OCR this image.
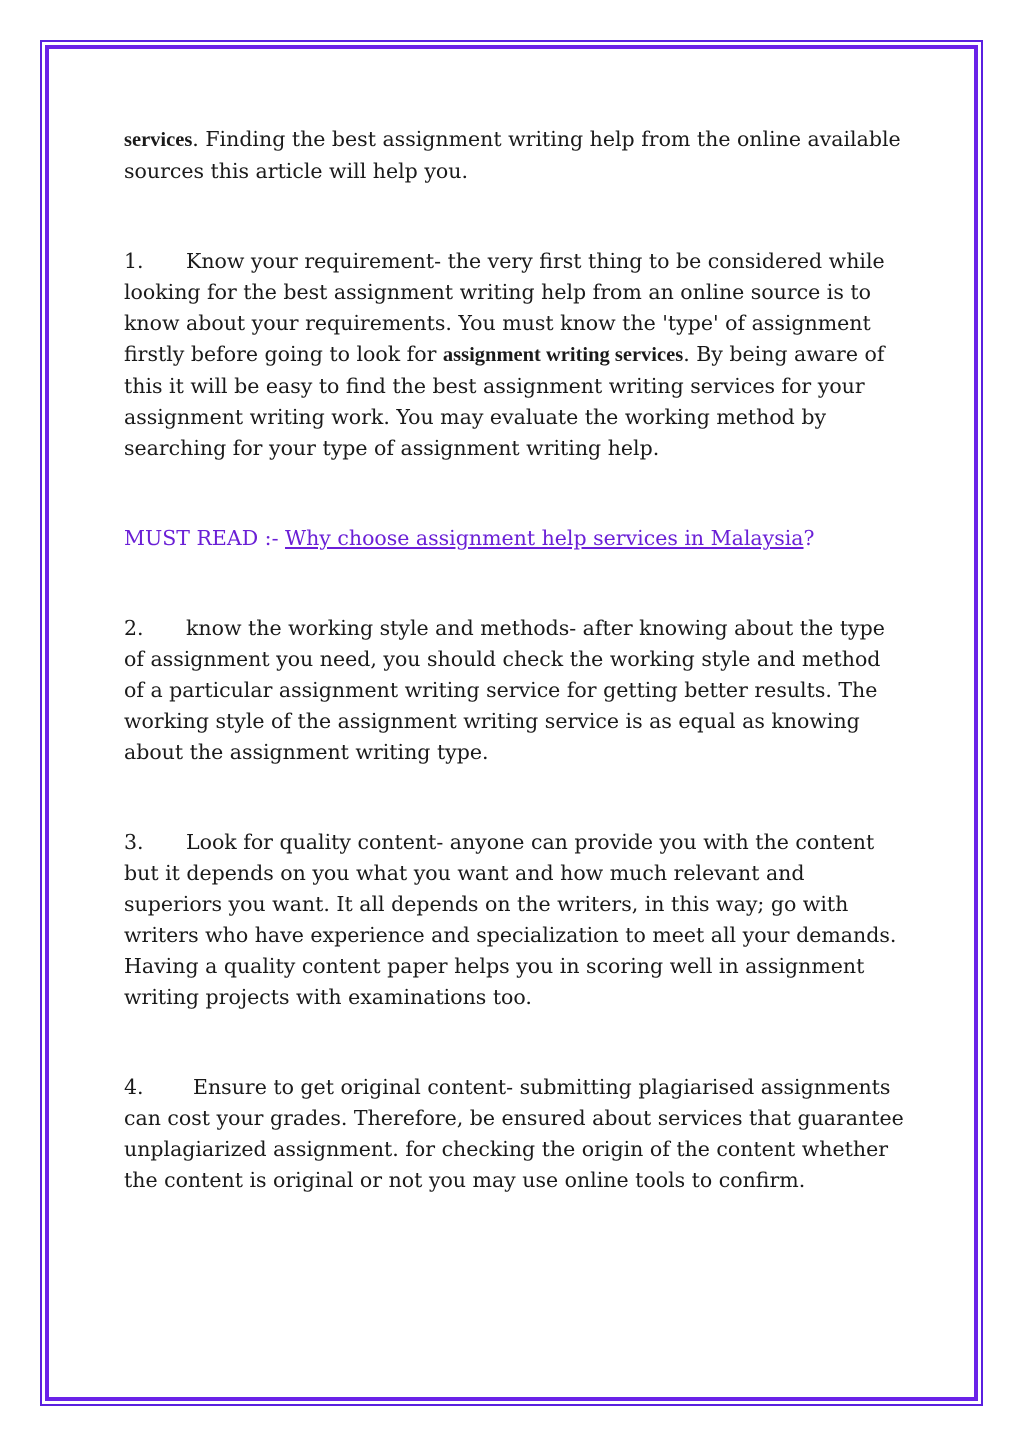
services. Finding the best assignment writing help from the online available sources this article will help you.

1. Know your requirement- the very first thing to be considered while looking for the best assignment writing help from an online source is to know about your requirements. You must know the 'type' of assignment firstly before going to look for assignment writing services. By being aware of this it will be easy to find the best assignment writing services for your assignment writing work. You may evaluate the working method by searching for your type of assignment writing help.

MUST READ :- Why choose assignment help services in Malaysia?

2. know the working style and methods- after knowing about the type of assignment you need, you should check the working style and method of a particular assignment writing service for getting better results. The working style of the assignment writing service is as equal as knowing about the assignment writing type.

3. Look for quality content- anyone can provide you with the content but it depends on you what you want and how much relevant and superiors you want. It all depends on the writers, in this way; go with writers who have experience and specialization to meet all your demands. Having a quality content paper helps you in scoring well in assignment writing projects with examinations too.

4. Ensure to get original content- submitting plagiarised assignments can cost your grades. Therefore, be ensured about services that guarantee unplagiarized assignment. for checking the origin of the content whether the content is original or not you may use online tools to confirm.
